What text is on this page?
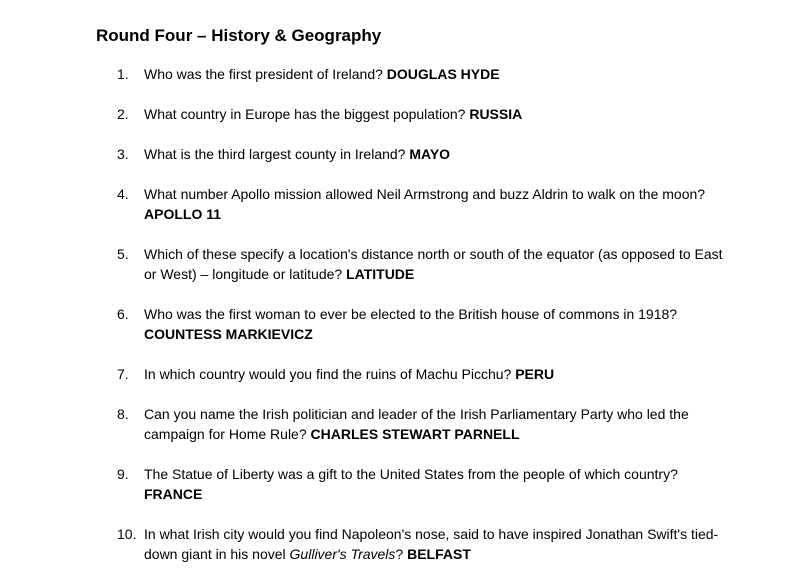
Round Four – History & Geography
1.	Who was the first president of Ireland? DOUGLAS HYDE
2.	What country in Europe has the biggest population? RUSSIA
3.	What is the third largest county in Ireland? MAYO
4.	What number Apollo mission allowed Neil Armstrong and buzz Aldrin to walk on the moon? APOLLO 11
5.	Which of these specify a location's distance north or south of the equator (as opposed to East or West) – longitude or latitude? LATITUDE
6.	Who was the first woman to ever be elected to the British house of commons in 1918? COUNTESS MARKIEVICZ
7.	In which country would you find the ruins of Machu Picchu? PERU
8.	Can you name the Irish politician and leader of the Irish Parliamentary Party who led the campaign for Home Rule? CHARLES STEWART PARNELL
9.	The Statue of Liberty was a gift to the United States from the people of which country? FRANCE
10. In what Irish city would you find Napoleon's nose, said to have inspired Jonathan Swift's tied-down giant in his novel Gulliver's Travels? BELFAST
